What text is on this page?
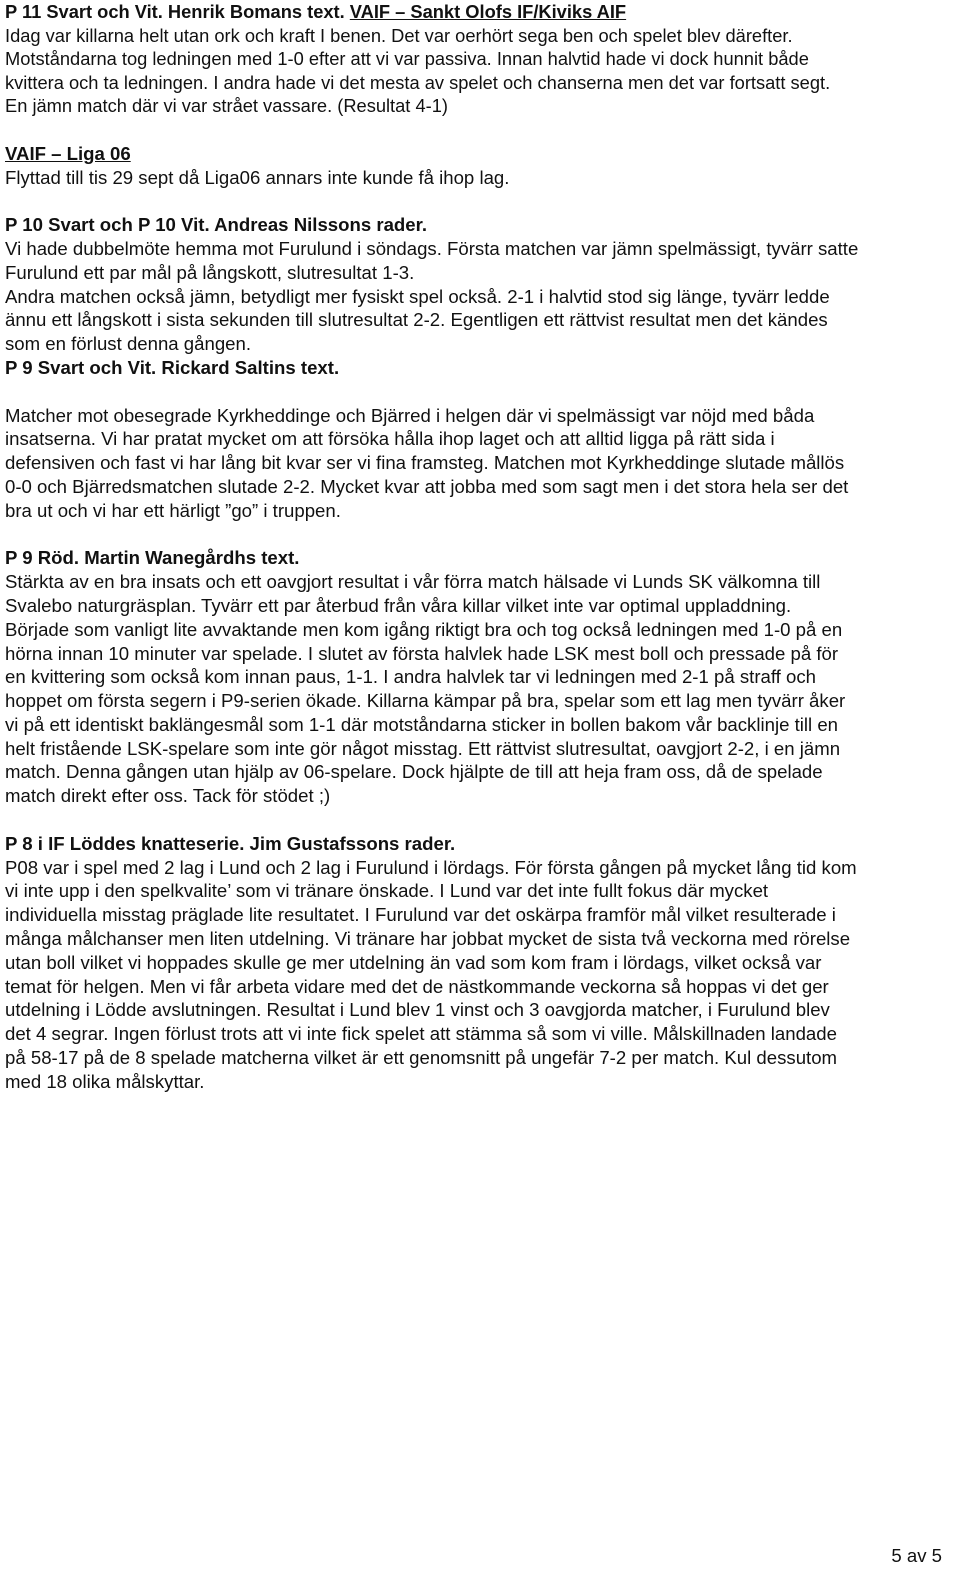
P 11 Svart och Vit. Henrik Bomans text. VAIF – Sankt Olofs IF/Kiviks AIF
Idag var killarna helt utan ork och kraft I benen. Det var oerhört sega ben och spelet blev därefter.
Motståndarna tog ledningen med 1-0 efter att vi var passiva. Innan halvtid hade vi dock hunnit både
kvittera och ta ledningen. I andra hade vi det mesta av spelet och chanserna men det var fortsatt segt.
En jämn match där vi var strået vassare. (Resultat 4-1)
VAIF – Liga 06
Flyttad till tis 29 sept då Liga06 annars inte kunde få ihop lag.
P 10 Svart och P 10 Vit. Andreas Nilssons rader.
Vi hade dubbelmöte hemma mot Furulund i söndags. Första matchen var jämn spelmässigt, tyvärr satte
Furulund ett par mål på långskott, slutresultat 1-3.
Andra matchen också jämn, betydligt mer fysiskt spel också. 2-1 i halvtid stod sig länge, tyvärr ledde
ännu ett långskott i sista sekunden till slutresultat 2-2. Egentligen ett rättvist resultat men det kändes
som en förlust denna gången.
P 9 Svart och Vit. Rickard Saltins text.
Matcher mot obesegrade Kyrkheddinge och Bjärred i helgen där vi spelmässigt var nöjd med båda
insatserna. Vi har pratat mycket om att försöka hålla ihop laget och att alltid ligga på rätt sida i
defensiven och fast vi har lång bit kvar ser vi fina framsteg. Matchen mot Kyrkheddinge slutade mållös
0-0 och Bjärredsmatchen slutade 2-2. Mycket kvar att jobba med som sagt men i det stora hela ser det
bra ut och vi har ett härligt ”go” i truppen.
P 9 Röd. Martin Wanegårdhs text.
Stärkta av en bra insats och ett oavgjort resultat i vår förra match hälsade vi Lunds SK välkomna till
Svalebo naturgräsplan. Tyvärr ett par återbud från våra killar vilket inte var optimal uppladdning.
Började som vanligt lite avvaktande men kom igång riktigt bra och tog också ledningen med 1-0 på en
hörna innan 10 minuter var spelade. I slutet av första halvlek hade LSK mest boll och pressade på för
en kvittering som också kom innan paus, 1-1. I andra halvlek tar vi ledningen med 2-1 på straff och
hoppet om första segern i P9-serien ökade. Killarna kämpar på bra, spelar som ett lag men tyvärr åker
vi på ett identiskt baklängesmål som 1-1 där motståndarna sticker in bollen bakom vår backlinje till en
helt fristående LSK-spelare som inte gör något misstag. Ett rättvist slutresultat, oavgjort 2-2, i en jämn
match. Denna gången utan hjälp av 06-spelare. Dock hjälpte de till att heja fram oss, då de spelade
match direkt efter oss. Tack för stödet ;)
P 8 i IF Löddes knatteserie. Jim Gustafssons rader.
P08 var i spel med 2 lag i Lund och 2 lag i Furulund i lördags. För första gången på mycket lång tid kom
vi inte upp i den spelkvalite’ som vi tränare önskade. I Lund var det inte fullt fokus där mycket
individuella misstag präglade lite resultatet. I Furulund var det oskärpa framför mål vilket resulterade i
många målchanser men liten utdelning. Vi tränare har jobbat mycket de sista två veckorna med rörelse
utan boll vilket vi hoppades skulle ge mer utdelning än vad som kom fram i lördags, vilket också var
temat för helgen. Men vi får arbeta vidare med det de nästkommande veckorna så hoppas vi det ger
utdelning i Lödde avslutningen. Resultat i Lund blev 1 vinst och 3 oavgjorda matcher, i Furulund blev
det 4 segrar. Ingen förlust trots att vi inte fick spelet att stämma så som vi ville. Målskillnaden landade
på 58-17 på de 8 spelade matcherna vilket är ett genomsnitt på ungefär 7-2 per match. Kul dessutom
med 18 olika målskyttar.
5 av 5
